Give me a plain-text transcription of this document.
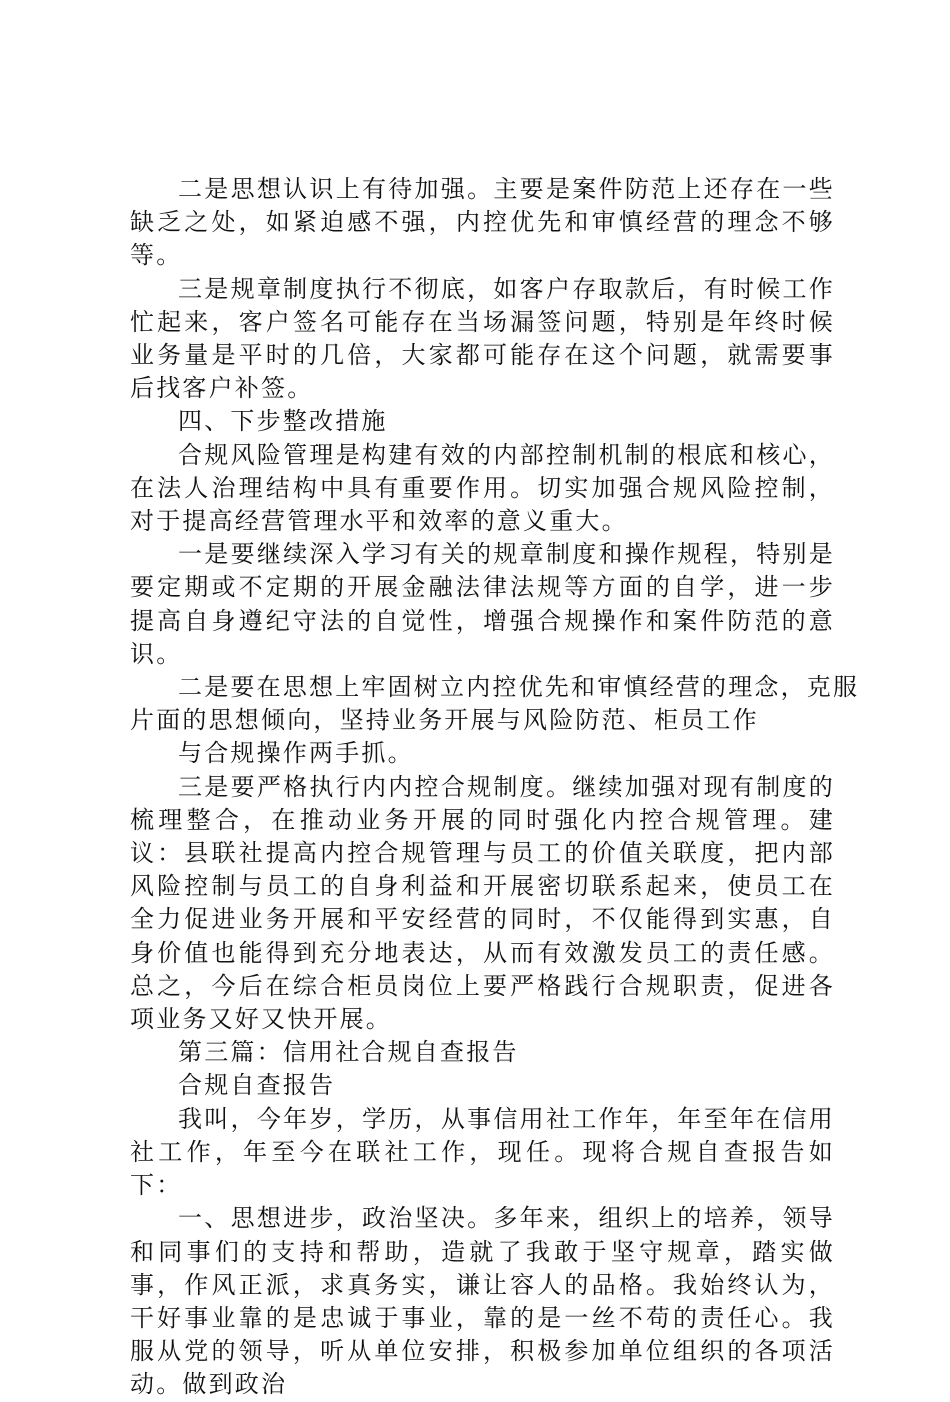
二是思想认识上有待加强。主要是案件防范上还存在一些缺乏之处，如紧迫感不强，内控优先和审慎经营的理念不够等。

三是规章制度执行不彻底，如客户存取款后，有时候工作忙起来，客户签名可能存在当场漏签问题，特别是年终时候业务量是平时的几倍，大家都可能存在这个问题，就需要事后找客户补签。

四、下步整改措施

合规风险管理是构建有效的内部控制机制的根底和核心，在法人治理结构中具有重要作用。切实加强合规风险控制，对于提高经营管理水平和效率的意义重大。

一是要继续深入学习有关的规章制度和操作规程，特别是要定期或不定期的开展金融法律法规等方面的自学，进一步提高自身遵纪守法的自觉性，增强合规操作和案件防范的意识。

二是要在思想上牢固树立内控优先和审慎经营的理念，克服
片面的思想倾向，坚持业务开展与风险防范、柜员工作
与合规操作两手抓。

三是要严格执行内内控合规制度。继续加强对现有制度的梳理整合，在推动业务开展的同时强化内控合规管理。建议：县联社提高内控合规管理与员工的价值关联度，把内部风险控制与员工的自身利益和开展密切联系起来，使员工在全力促进业务开展和平安经营的同时，不仅能得到实惠，自身价值也能得到充分地表达，从而有效激发员工的责任感。总之，今后在综合柜员岗位上要严格践行合规职责，促进各项业务又好又快开展。

第三篇：信用社合规自查报告

合规自查报告

我叫，今年岁，学历，从事信用社工作年，年至年在信用社工作，年至今在联社工作，现任。现将合规自查报告如下：

一、思想进步，政治坚决。多年来，组织上的培养，领导和同事们的支持和帮助，造就了我敢于坚守规章，踏实做事，作风正派，求真务实，谦让容人的品格。我始终认为，干好事业靠的是忠诚于事业，靠的是一丝不苟的责任心。我服从党的领导，听从单位安排，积极参加单位组织的各项活动。做到政治
